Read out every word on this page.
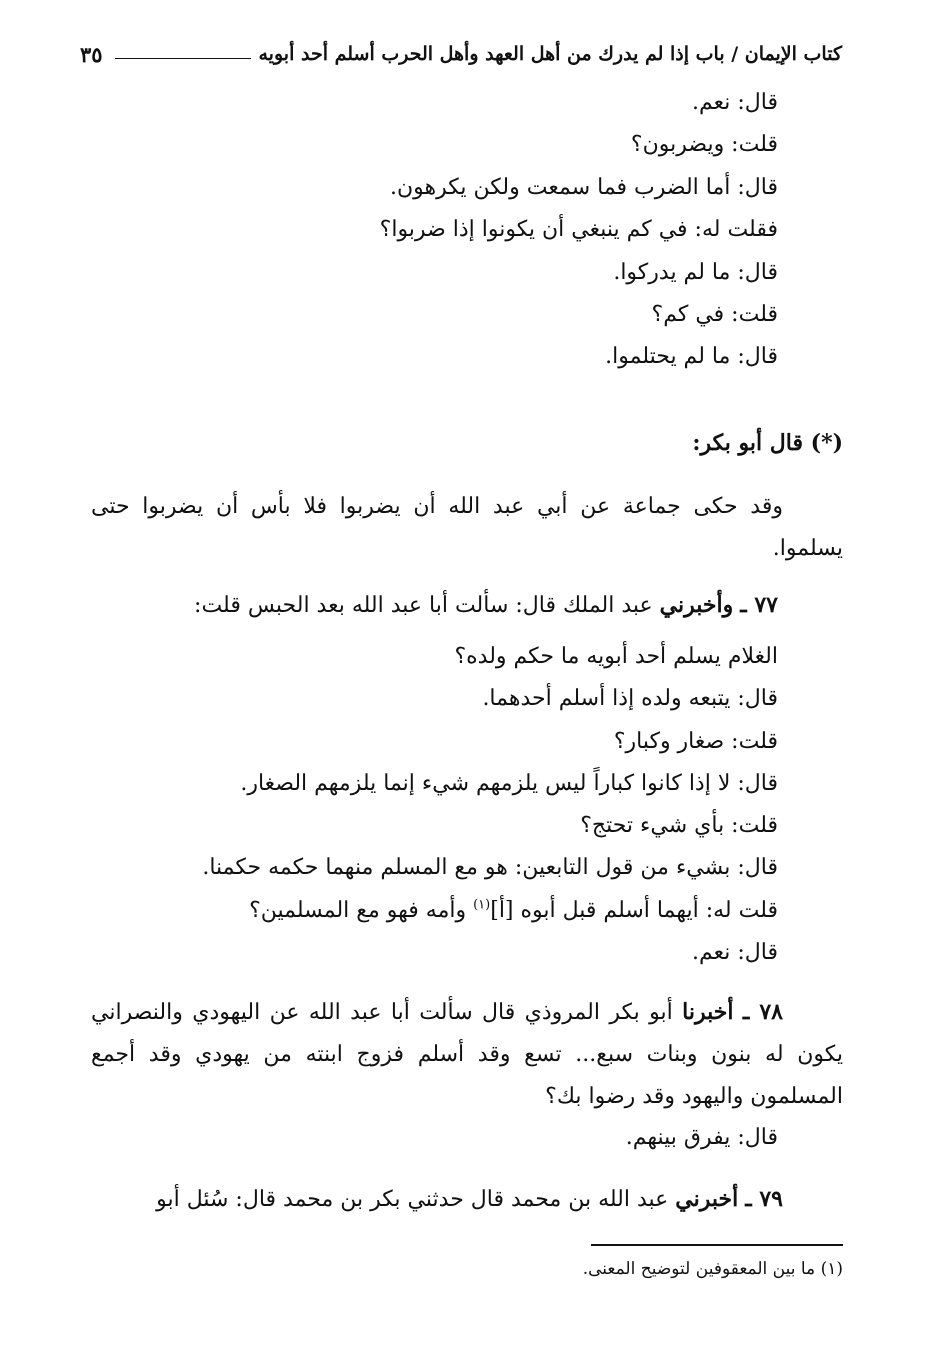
كتاب الإيمان / باب إذا لم يدرك من أهل العهد وأهل الحرب أسلم أحد أبويه
٣٥
قال: نعم.
قلت: ويضربون؟
قال: أما الضرب فما سمعت ولكن يكرهون.
فقلت له: في كم ينبغي أن يكونوا إذا ضربوا؟
قال: ما لم يدركوا.
قلت: في كم؟
قال: ما لم يحتلموا.
(*) قال أبو بكر:
وقد حكى جماعة عن أبي عبد الله أن يضربوا فلا بأس أن يضربوا حتى يسلموا.
٧٧ ـ وأخبرني عبد الملك قال: سألت أبا عبد الله بعد الحبس قلت:
الغلام يسلم أحد أبويه ما حكم ولده؟
قال: يتبعه ولده إذا أسلم أحدهما.
قلت: صغار وكبار؟
قال: لا إذا كانوا كباراً ليس يلزمهم شيء إنما يلزمهم الصغار.
قلت: بأي شيء تحتج؟
قال: بشيء من قول التابعين: هو مع المسلم منهما حكمه حكمنا.
قلت له: أيهما أسلم قبل أبوه [أ]$^{(١)}$ وأمه فهو مع المسلمين؟
قال: نعم.
٧٨ ـ أخبرنا أبو بكر المروذي قال سألت أبا عبد الله عن اليهودي والنصراني يكون له بنون وبنات سبع... تسع وقد أسلم فزوج ابنته من يهودي وقد أجمع المسلمون واليهود وقد رضوا بك؟
قال: يفرق بينهم.
٧٩ ـ أخبرني عبد الله بن محمد قال حدثني بكر بن محمد قال: سُئل أبو
(١) ما بين المعقوفين لتوضيح المعنى.
